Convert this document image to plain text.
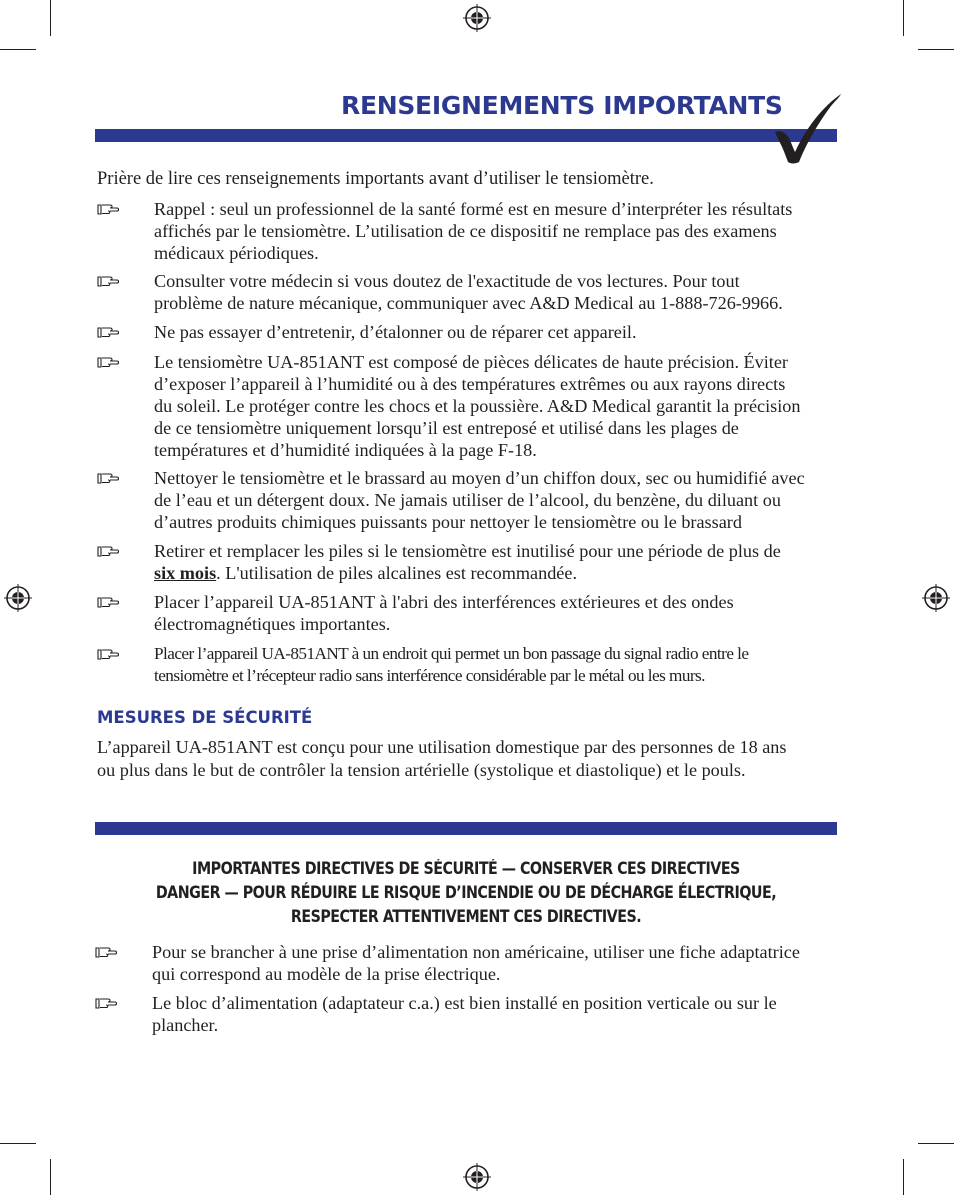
RENSEIGNEMENTS IMPORTANTS
Prière de lire ces renseignements importants avant d’utiliser le tensiomètre.
Rappel : seul un professionnel de la santé formé est en mesure d’interpréter les résultats
affichés par le tensiomètre. L’utilisation de ce dispositif ne remplace pas des examens
médicaux périodiques.
Consulter votre médecin si vous doutez de l'exactitude de vos lectures. Pour tout
problème de nature mécanique, communiquer avec A&D Medical au 1-888-726-9966.
Ne pas essayer d’entretenir, d’étalonner ou de réparer cet appareil.
Le tensiomètre UA-851ANT est composé de pièces délicates de haute précision. Éviter
d’exposer l’appareil à l’humidité ou à des températures extrêmes ou aux rayons directs
du soleil. Le protéger contre les chocs et la poussière. A&D Medical garantit la précision
de ce tensiomètre uniquement lorsqu’il est entreposé et utilisé dans les plages de
températures et d’humidité indiquées à la page F-18.
Nettoyer le tensiomètre et le brassard au moyen d’un chiffon doux, sec ou humidifié avec
de l’eau et un détergent doux. Ne jamais utiliser de l’alcool, du benzène, du diluant ou
d’autres produits chimiques puissants pour nettoyer le tensiomètre ou le brassard
Retirer et remplacer les piles si le tensiomètre est inutilisé pour une période de plus de
six mois. L'utilisation de piles alcalines est recommandée.
Placer l’appareil UA-851ANT à l'abri des interférences extérieures et des ondes
électromagnétiques importantes.
Placer l’appareil UA-851ANT à un endroit qui permet un bon passage du signal radio entre le
tensiomètre et l’récepteur radio sans interférence considérable par le métal ou les murs.
MESURES DE SÉCURITÉ
L’appareil UA-851ANT est conçu pour une utilisation domestique par des personnes de 18 ans
ou plus dans le but de contrôler la tension artérielle (systolique et diastolique) et le pouls.
IMPORTANTES DIRECTIVES DE SÉCURITÉ — CONSERVER CES DIRECTIVES
DANGER — POUR RÉDUIRE LE RISQUE D’INCENDIE OU DE DÉCHARGE ÉLECTRIQUE,
RESPECTER ATTENTIVEMENT CES DIRECTIVES.
Pour se brancher à une prise d’alimentation non américaine, utiliser une fiche adaptatrice
qui correspond au modèle de la prise électrique.
Le bloc d’alimentation (adaptateur c.a.) est bien installé en position verticale ou sur le
plancher.
